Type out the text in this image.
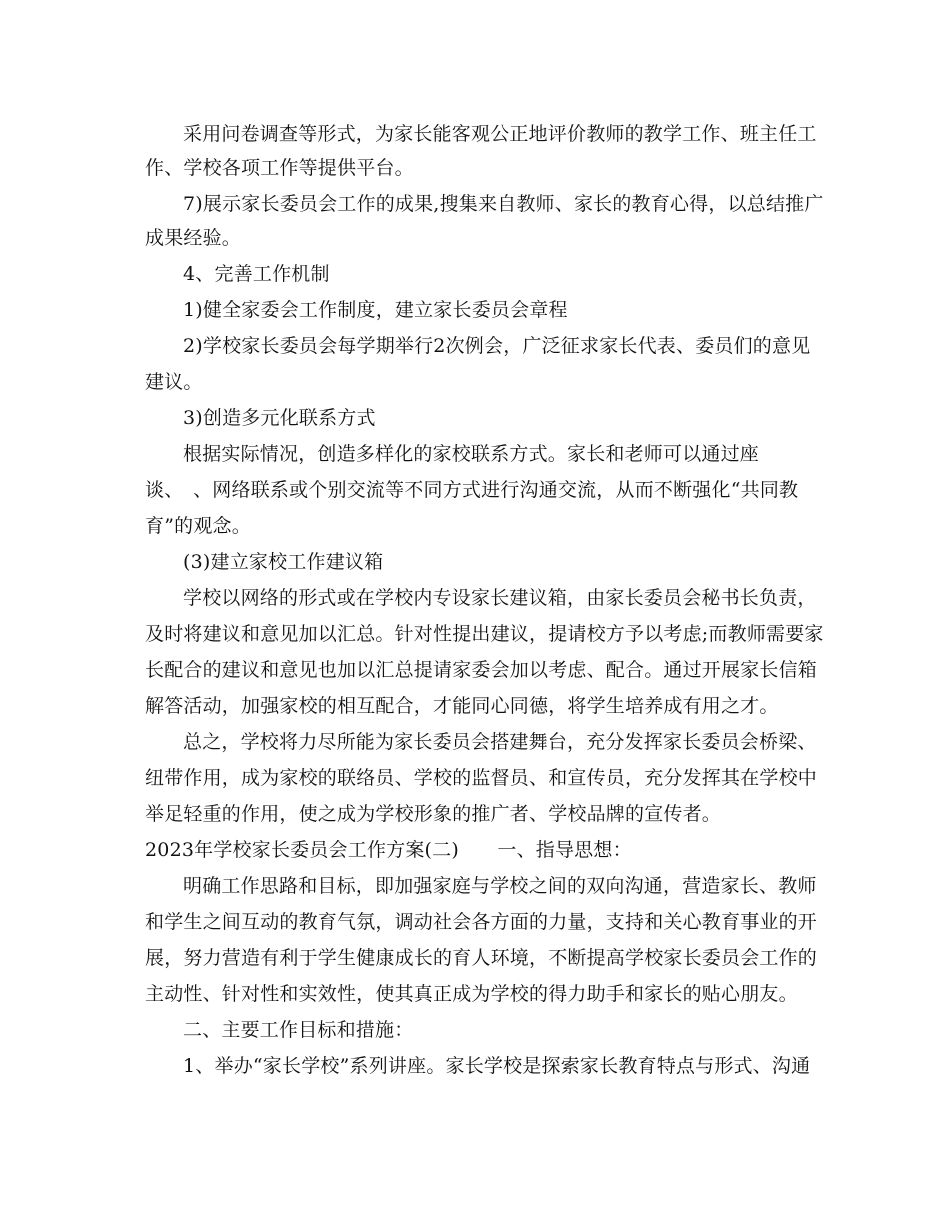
采用问卷调查等形式，为家长能客观公正地评价教师的教学工作、班主任工
作、学校各项工作等提供平台。
7)展示家长委员会工作的成果,搜集来自教师、家长的教育心得，以总结推广
成果经验。
4、完善工作机制
1)健全家委会工作制度，建立家长委员会章程
2)学校家长委员会每学期举行2次例会，广泛征求家长代表、委员们的意见
建议。
3)创造多元化联系方式
根据实际情况，创造多样化的家校联系方式。家长和老师可以通过座
谈、　、网络联系或个别交流等不同方式进行沟通交流，从而不断强化“共同教
育”的观念。
(3)建立家校工作建议箱
学校以网络的形式或在学校内专设家长建议箱，由家长委员会秘书长负责，
及时将建议和意见加以汇总。针对性提出建议，提请校方予以考虑;而教师需要家
长配合的建议和意见也加以汇总提请家委会加以考虑、配合。通过开展家长信箱
解答活动，加强家校的相互配合，才能同心同德，将学生培养成有用之才。
总之，学校将力尽所能为家长委员会搭建舞台，充分发挥家长委员会桥梁、
纽带作用，成为家校的联络员、学校的监督员、和宣传员，充分发挥其在学校中
举足轻重的作用，使之成为学校形象的推广者、学校品牌的宣传者。
2023年学校家长委员会工作方案(二)　　一、指导思想：
明确工作思路和目标，即加强家庭与学校之间的双向沟通，营造家长、教师
和学生之间互动的教育气氛，调动社会各方面的力量，支持和关心教育事业的开
展，努力营造有利于学生健康成长的育人环境，不断提高学校家长委员会工作的
主动性、针对性和实效性，使其真正成为学校的得力助手和家长的贴心朋友。
二、主要工作目标和措施：
1、举办“家长学校”系列讲座。家长学校是探索家长教育特点与形式、沟通
